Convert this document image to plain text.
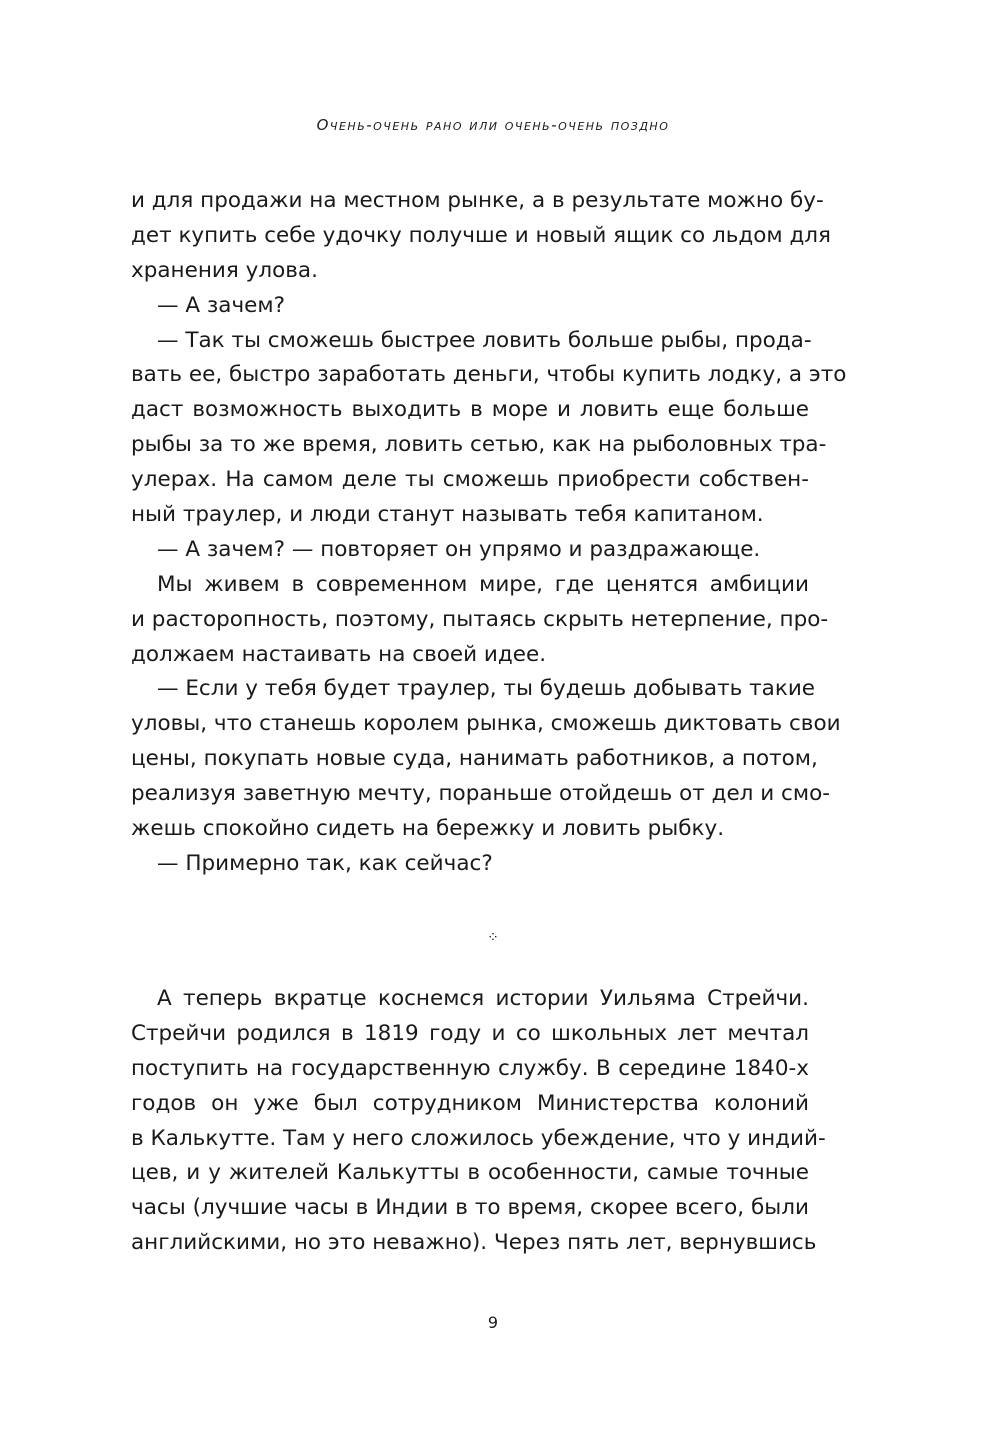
Очень-очень рано или очень-очень поздно
и для продажи на местном рынке, а в результате можно бу-
дет купить себе удочку получше и новый ящик со льдом для
хранения улова.
— А зачем?
— Так ты сможешь быстрее ловить больше рыбы, прода-
вать ее, быстро заработать деньги, чтобы купить лодку, а это
даст возможность выходить в море и ловить еще больше
рыбы за то же время, ловить сетью, как на рыболовных тра-
улерах. На самом деле ты сможешь приобрести собствен-
ный траулер, и люди станут называть тебя капитаном.
— А зачем? — повторяет он упрямо и раздражающе.
Мы живем в современном мире, где ценятся амбиции
и расторопность, поэтому, пытаясь скрыть нетерпение, про-
должаем настаивать на своей идее.
— Если у тебя будет траулер, ты будешь добывать такие
уловы, что станешь королем рынка, сможешь диктовать свои
цены, покупать новые суда, нанимать работников, а потом,
реализуя заветную мечту, пораньше отойдешь от дел и смо-
жешь спокойно сидеть на бережку и ловить рыбку.
— Примерно так, как сейчас?
⁘
А теперь вкратце коснемся истории Уильяма Стрейчи.
Стрейчи родился в 1819 году и со школьных лет мечтал
поступить на государственную службу. В середине 1840-х
годов он уже был сотрудником Министерства колоний
в Калькутте. Там у него сложилось убеждение, что у индий-
цев, и у жителей Калькутты в особенности, самые точные
часы (лучшие часы в Индии в то время, скорее всего, были
английскими, но это неважно). Через пять лет, вернувшись
9
